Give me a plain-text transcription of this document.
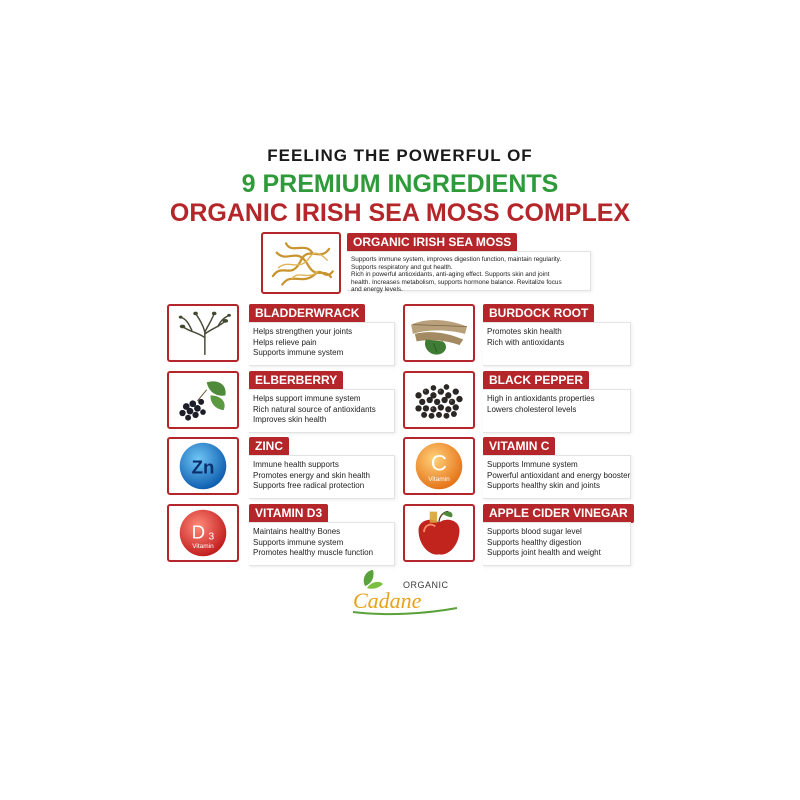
FEELING THE POWERFUL OF
9 PREMIUM INGREDIENTS
ORGANIC IRISH SEA MOSS COMPLEX
ORGANIC IRISH SEA MOSS
Supports immune system, improves digestion function, maintain regularity.
Supports respiratory and gut health.
Rich in powerful antioxidants, anti-aging effect. Supports skin and joint
health. Increases metabolism, supports hormone balance. Revitalize focus
and energy levels.
BLADDERWRACK
Helps strengthen your joints
Helps relieve pain
Supports immune system
BURDOCK ROOT
Promotes skin health
Rich with antioxidants
ELBERBERRY
Helps support immune system
Rich natural source of antioxidants
Improves skin health
BLACK PEPPER
High in antioxidants properties
Lowers cholesterol levels
Zn
ZINC
Immune health supports
Promotes energy and skin health
Supports free radical protection
C
Vitamin
VITAMIN C
Supports Immune system
Powerful antioxidant and energy booster
Supports healthy skin and joints
D 3
Vitamin
VITAMIN D3
Maintains healthy Bones
Supports immune system
Promotes healthy muscle function
APPLE CIDER VINEGAR
Supports blood sugar level
Supports healthy digestion
Supports joint health and weight
ORGANIC
Cadane
